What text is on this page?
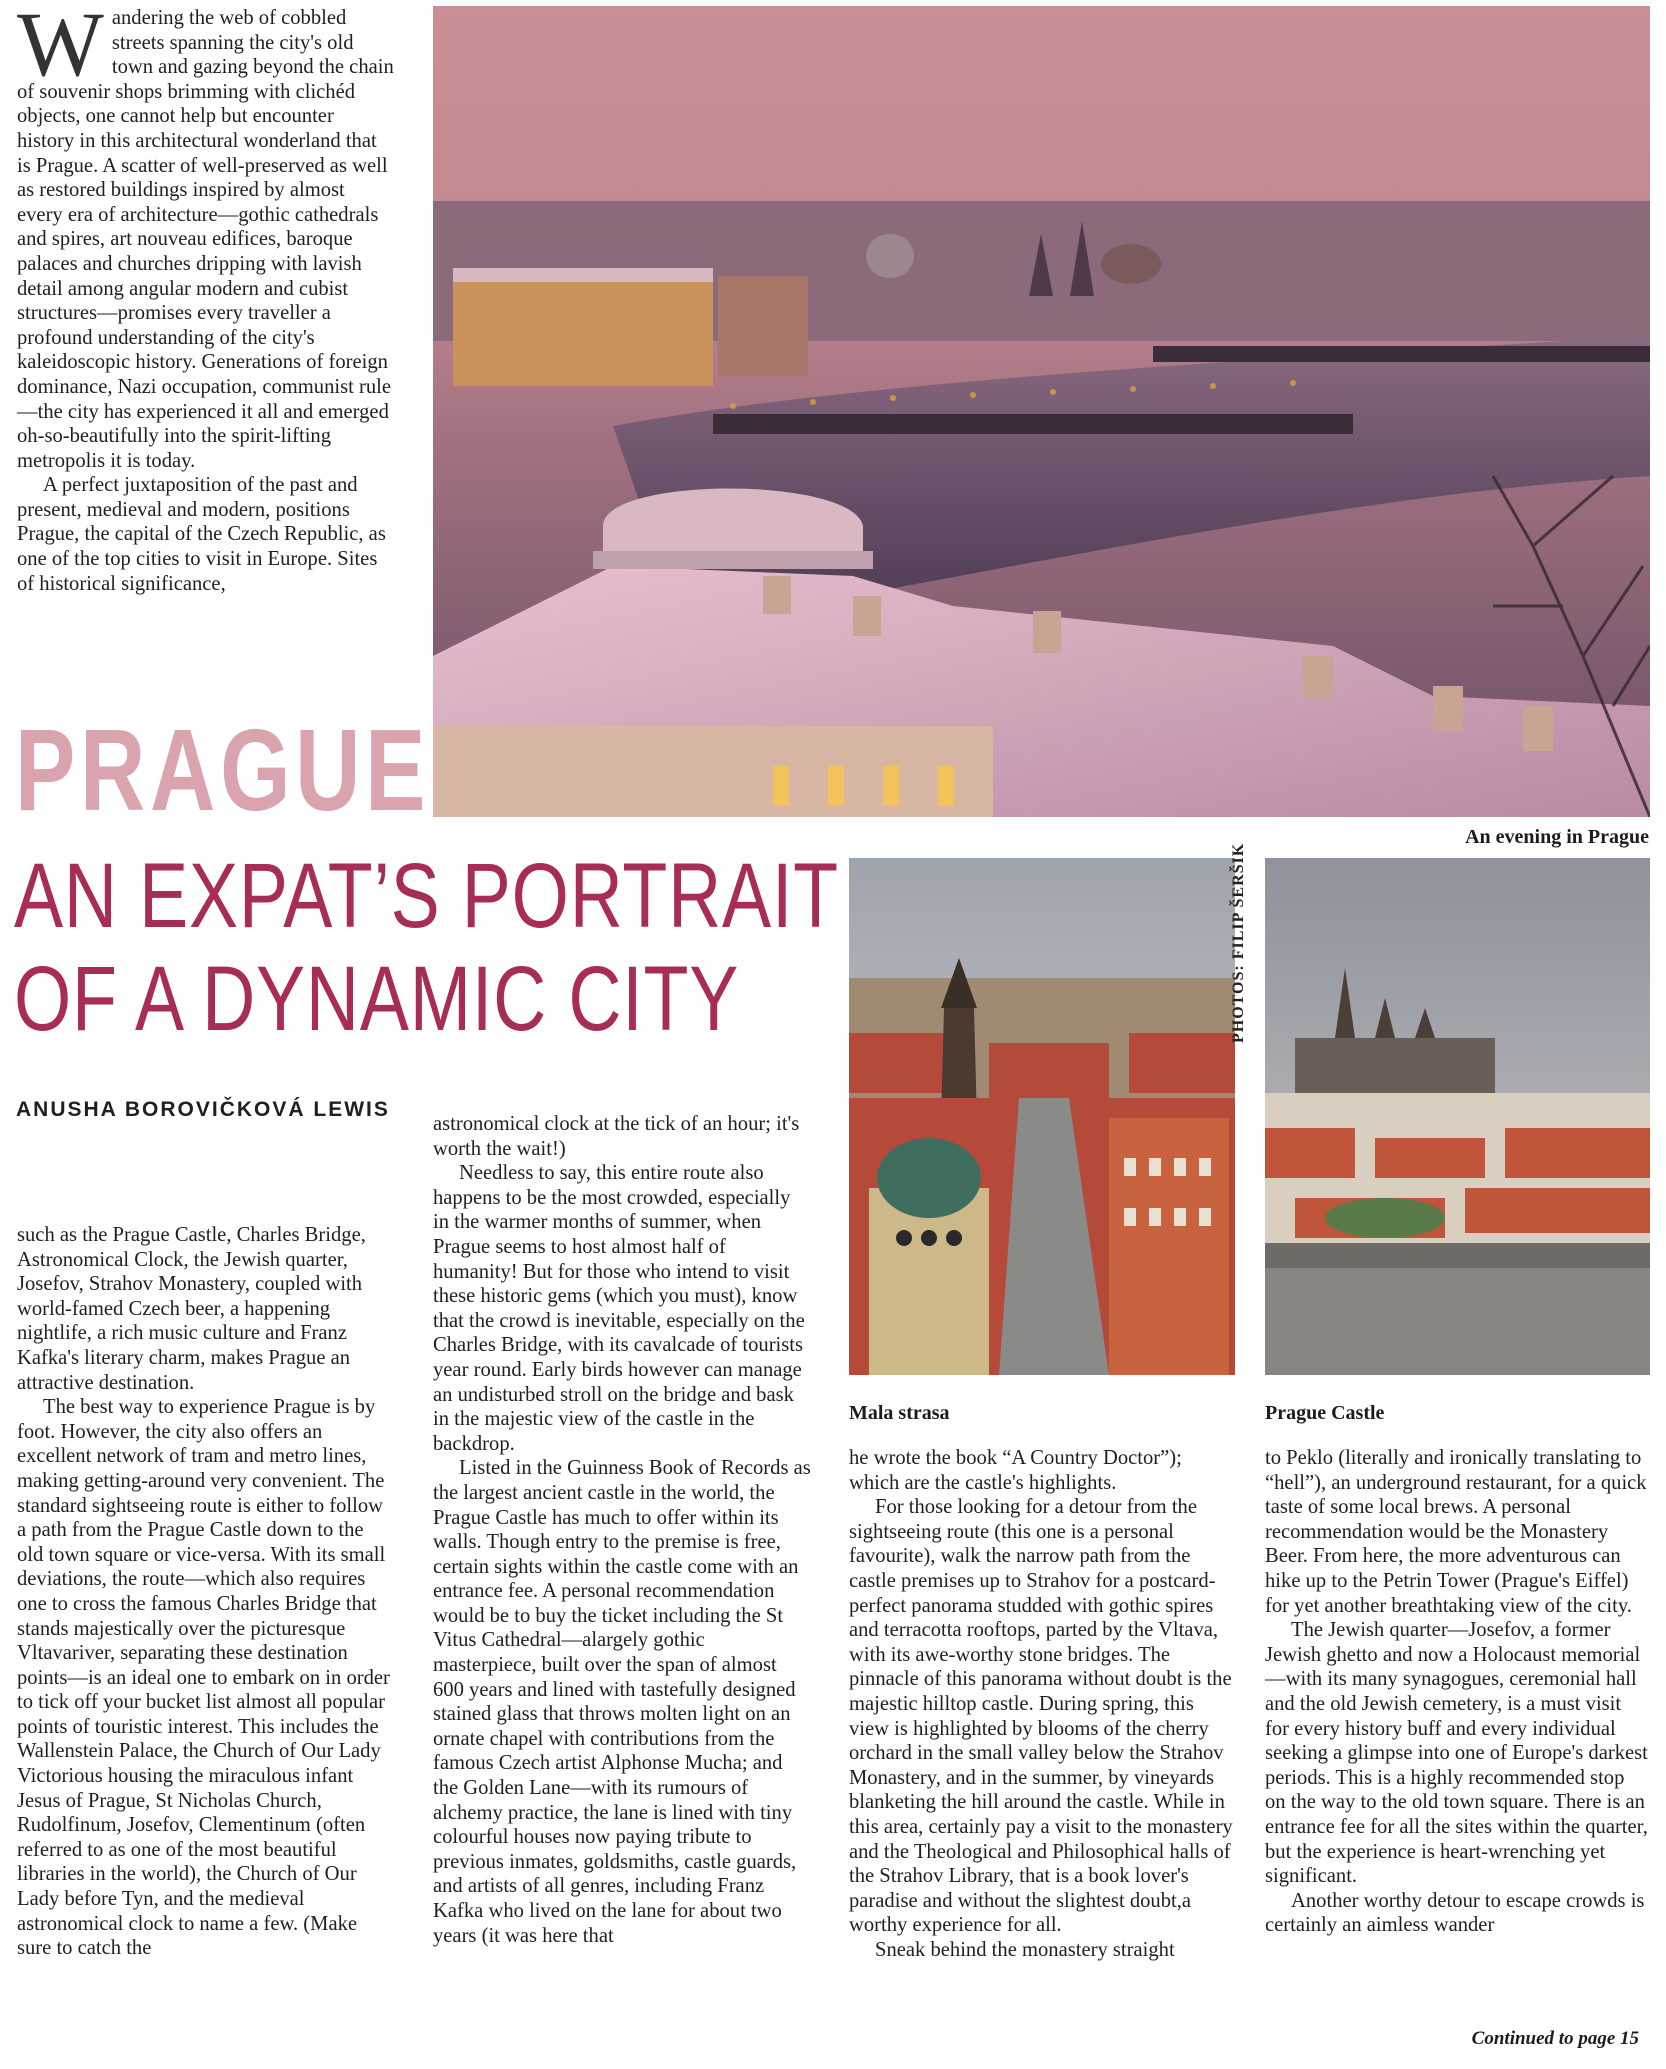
W andering the web of cobbled streets spanning the city's old town and gazing beyond the chain of souvenir shops brimming with clichéd objects, one cannot help but encounter history in this architectural wonderland that is Prague. A scatter of well-preserved as well as restored buildings inspired by almost every era of architecture—gothic cathedrals and spires, art nouveau edifices, baroque palaces and churches dripping with lavish detail among angular modern and cubist structures—promises every traveller a profound understanding of the city's kaleidoscopic history. Generations of foreign dominance, Nazi occupation, communist rule—the city has experienced it all and emerged oh-so-beautifully into the spirit-lifting metropolis it is today.

A perfect juxtaposition of the past and present, medieval and modern, positions Prague, the capital of the Czech Republic, as one of the top cities to visit in Europe. Sites of historical significance,

An evening in Prague
PRAGUE
AN EXPAT’S PORTRAIT
OF A DYNAMIC CITY
ANUSHA BOROVIČKOVÁ LEWIS

such as the Prague Castle, Charles Bridge, Astronomical Clock, the Jewish quarter, Josefov, Strahov Monastery, coupled with world-famed Czech beer, a happening nightlife, a rich music culture and Franz Kafka's literary charm, makes Prague an attractive destination.

The best way to experience Prague is by foot. However, the city also offers an excellent network of tram and metro lines, making getting-around very convenient. The standard sightseeing route is either to follow a path from the Prague Castle down to the old town square or vice-versa. With its small deviations, the route—which also requires one to cross the famous Charles Bridge that stands majestically over the picturesque Vltavariver, separating these destination points—is an ideal one to embark on in order to tick off your bucket list almost all popular points of touristic interest. This includes the Wallenstein Palace, the Church of Our Lady Victorious housing the miraculous infant Jesus of Prague, St Nicholas Church, Rudolfinum, Josefov, Clementinum (often referred to as one of the most beautiful libraries in the world), the Church of Our Lady before Tyn, and the medieval astronomical clock to name a few. (Make sure to catch the

astronomical clock at the tick of an hour; it's worth the wait!)

Needless to say, this entire route also happens to be the most crowded, especially in the warmer months of summer, when Prague seems to host almost half of humanity! But for those who intend to visit these historic gems (which you must), know that the crowd is inevitable, especially on the Charles Bridge, with its cavalcade of tourists year round. Early birds however can manage an undisturbed stroll on the bridge and bask in the majestic view of the castle in the backdrop.

Listed in the Guinness Book of Records as the largest ancient castle in the world, the Prague Castle has much to offer within its walls. Though entry to the premise is free, certain sights within the castle come with an entrance fee. A personal recommendation would be to buy the ticket including the St Vitus Cathedral—alargely gothic masterpiece, built over the span of almost 600 years and lined with tastefully designed stained glass that throws molten light on an ornate chapel with contributions from the famous Czech artist Alphonse Mucha; and the Golden Lane—with its rumours of alchemy practice, the lane is lined with tiny colourful houses now paying tribute to previous inmates, goldsmiths, castle guards, and artists of all genres, including Franz Kafka who lived on the lane for about two years (it was here that

Mala strasa
PHOTOS: FILIP ŠERŠIK
Prague Castle

he wrote the book “A Country Doctor”); which are the castle's highlights.

For those looking for a detour from the sightseeing route (this one is a personal favourite), walk the narrow path from the castle premises up to Strahov for a postcard-perfect panorama studded with gothic spires and terracotta rooftops, parted by the Vltava, with its awe-worthy stone bridges. The pinnacle of this panorama without doubt is the majestic hilltop castle. During spring, this view is highlighted by blooms of the cherry orchard in the small valley below the Strahov Monastery, and in the summer, by vineyards blanketing the hill around the castle. While in this area, certainly pay a visit to the monastery and the Theological and Philosophical halls of the Strahov Library, that is a book lover's paradise and without the slightest doubt,a worthy experience for all.

Sneak behind the monastery straight

to Peklo (literally and ironically translating to “hell”), an underground restaurant, for a quick taste of some local brews. A personal recommendation would be the Monastery Beer. From here, the more adventurous can hike up to the Petrin Tower (Prague's Eiffel) for yet another breathtaking view of the city.

The Jewish quarter—Josefov, a former Jewish ghetto and now a Holocaust memorial—with its many synagogues, ceremonial hall and the old Jewish cemetery, is a must visit for every history buff and every individual seeking a glimpse into one of Europe's darkest periods. This is a highly recommended stop on the way to the old town square. There is an entrance fee for all the sites within the quarter, but the experience is heart-wrenching yet significant.

Another worthy detour to escape crowds is certainly an aimless wander

Continued to page 15
